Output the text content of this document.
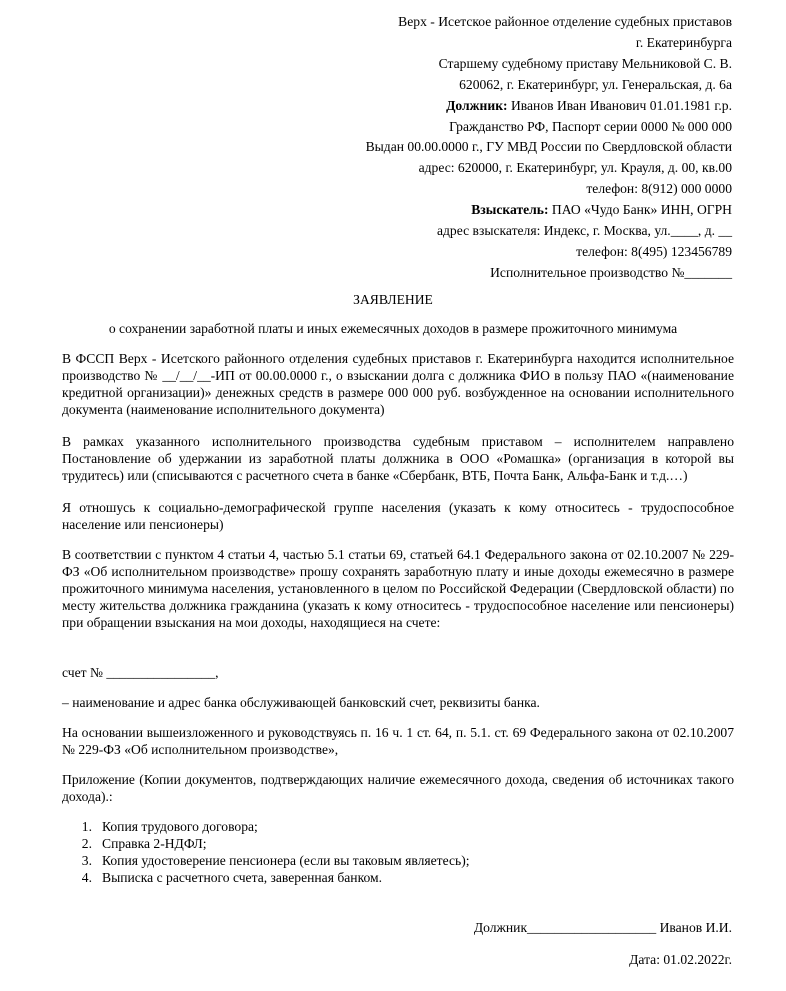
Верх - Исетское районное отделение судебных приставов
г. Екатеринбурга
Старшему судебному приставу Мельниковой С. В.
620062, г. Екатеринбург, ул. Генеральская, д. 6а
Должник: Иванов Иван Иванович 01.01.1981 г.р.
Гражданство РФ, Паспорт серии 0000 № 000 000
Выдан 00.00.0000 г., ГУ МВД России по Свердловской области
адрес: 620000, г. Екатеринбург, ул. Крауля, д. 00, кв.00
телефон: 8(912) 000 0000
Взыскатель: ПАО «Чудо Банк» ИНН, ОГРН
адрес взыскателя: Индекс, г. Москва, ул.____, д. __
телефон: 8(495) 123456789
Исполнительное производство №_______
ЗАЯВЛЕНИЕ
о сохранении заработной платы и иных ежемесячных доходов в размере прожиточного минимума
В ФССП Верх - Исетского районного отделения судебных приставов г. Екатеринбурга находится исполнительное производство № __/__/__-ИП от 00.00.0000 г., о взыскании долга с должника ФИО в пользу ПАО «(наименование кредитной организации)» денежных средств в размере 000 000 руб. возбужденное на основании исполнительного документа (наименование исполнительного документа)
В рамках указанного исполнительного производства судебным приставом – исполнителем направлено Постановление об удержании из заработной платы должника в ООО «Ромашка» (организация в которой вы трудитесь) или (списываются с расчетного счета в банке «Сбербанк, ВТБ, Почта Банк, Альфа-Банк и т.д.…)
Я отношусь к социально-демографической группе населения (указать к кому относитесь - трудоспособное население или пенсионеры)
В соответствии с пунктом 4 статьи 4, частью 5.1 статьи 69, статьей 64.1 Федерального закона от 02.10.2007 № 229-ФЗ «Об исполнительном производстве» прошу сохранять заработную плату и иные доходы ежемесячно в размере прожиточного минимума населения, установленного в целом по Российской Федерации (Свердловской области) по месту жительства должника гражданина (указать к кому относитесь - трудоспособное население или пенсионеры) при обращении взыскания на мои доходы, находящиеся на счете:
счет № ________________,
– наименование и адрес банка обслуживающей банковский счет, реквизиты банка.
На основании вышеизложенного и руководствуясь п. 16 ч. 1 ст. 64, п. 5.1. ст. 69 Федерального закона от 02.10.2007 № 229-ФЗ «Об исполнительном производстве»,
Приложение (Копии документов, подтверждающих наличие ежемесячного дохода, сведения об источниках такого дохода).:
1. Копия трудового договора;
2. Справка 2-НДФЛ;
3. Копия удостоверение пенсионера (если вы таковым являетесь);
4. Выписка с расчетного счета, заверенная банком.
Должник___________________ Иванов И.И.
Дата: 01.02.2022г.
